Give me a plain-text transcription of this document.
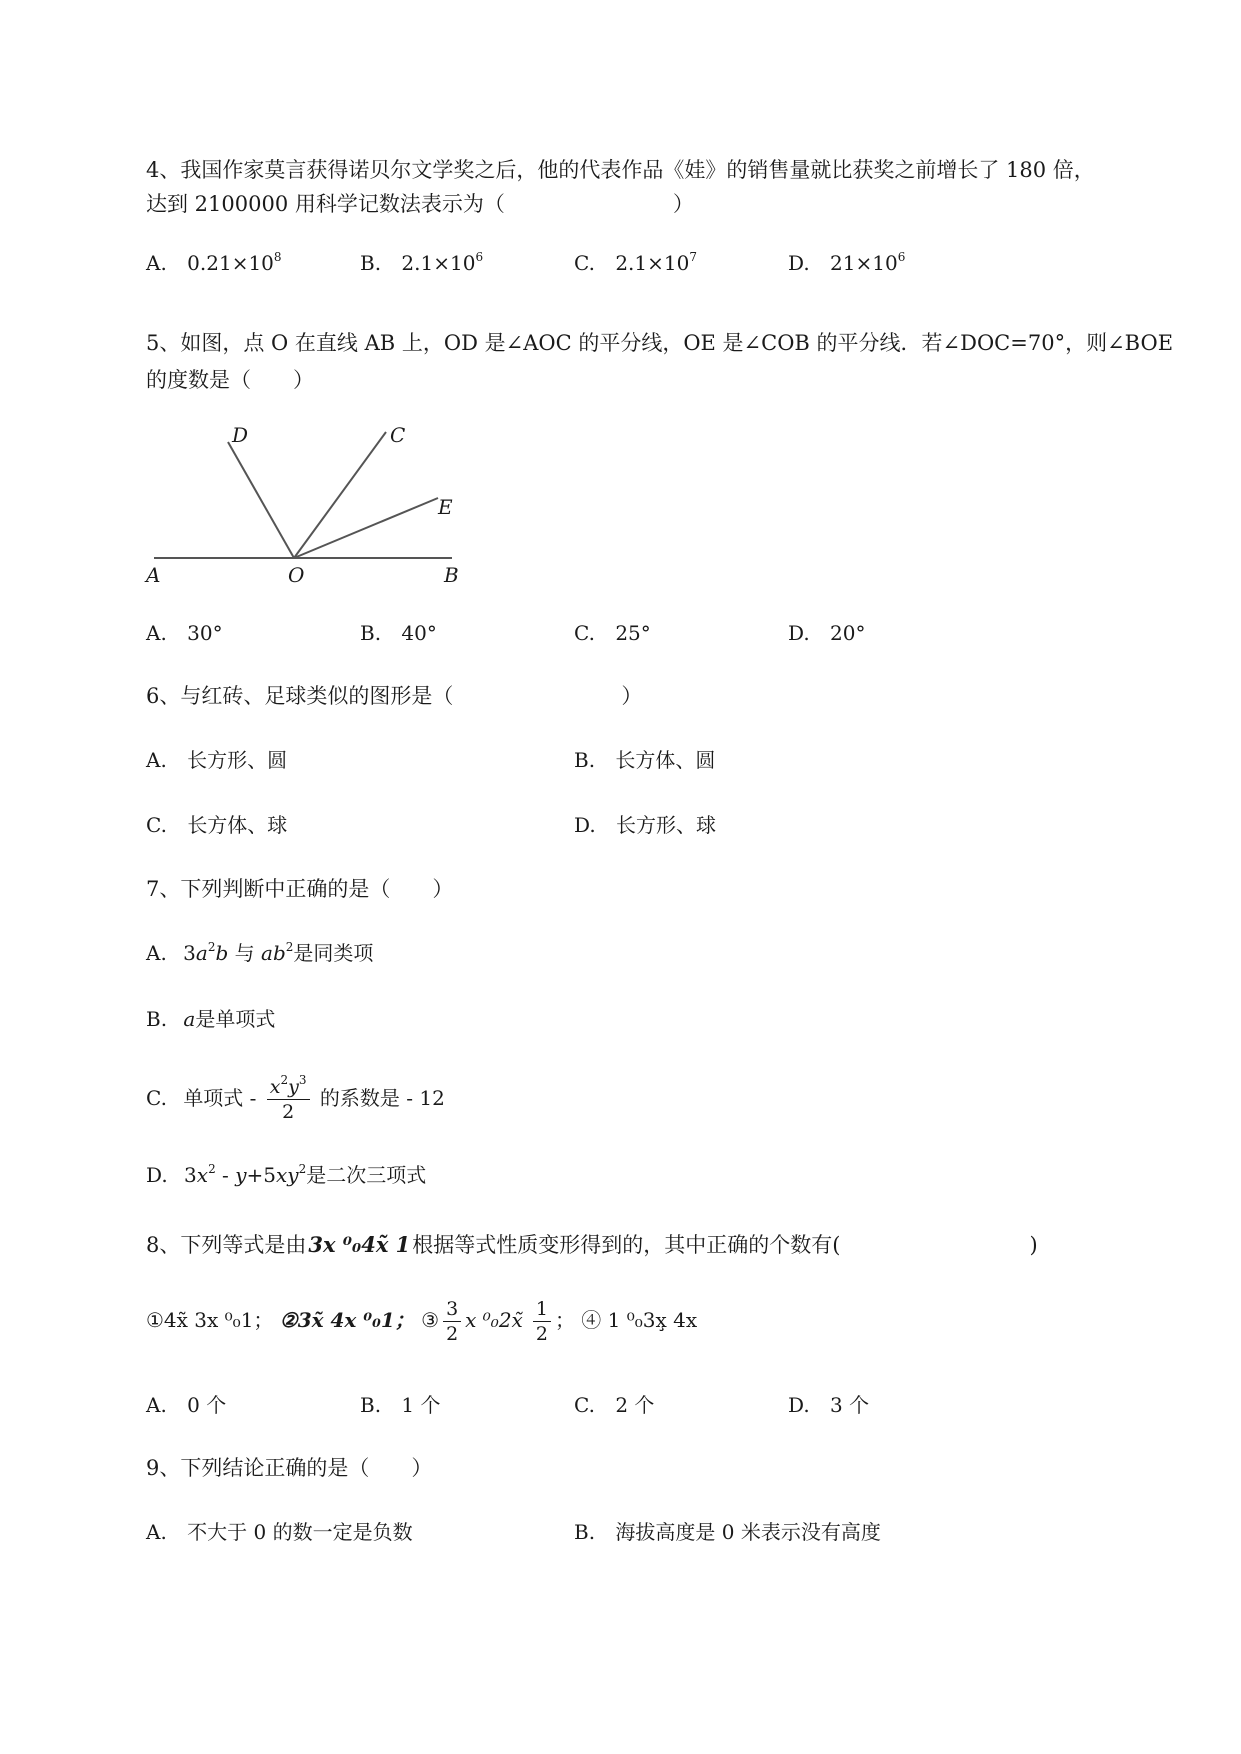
4、我国作家莫言获得诺贝尔文学奖之后，他的代表作品《娃》的销售量就比获奖之前增长了 180 倍，
达到 2100000 用科学记数法表示为（　　　　　　　　）
A. $0.21\times 10^8$	B. $2.1\times 10^6$	C. $2.1\times 10^7$	D. $21\times 10^6$
5、如图，点 O 在直线 AB 上，OD 是∠AOC 的平分线，OE 是∠COB 的平分线．若∠DOC=70°，则∠BOE
的度数是（　　）
D	C
E
A	O	B
A. 30°	B. 40°	C. 25°	D. 20°
6、与红砖、足球类似的图形是（　　　　　　　　）
A. 长方形、圆	B. 长方体、圆
C. 长方体、球	D. 长方形、球
7、下列判断中正确的是（　　）
A. $3a^2b$ 与 $ab^2$是同类项
B. a是单项式
C. 单项式 - $\frac{x^2y^3}{2}$ 的系数是 - 12
D. $3x^2 - y+5xy^2$是二次三项式
8、下列等式是由3x ⁰₀4x̃ 1根据等式性质变形得到的，其中正确的个数有(　　　　　　　　　)
①4x̃ 3x ⁰₀1； ②3x̃ 4x ⁰₀1； ③ $\frac{3}{2}$ x ⁰₀2x̃ $\frac{1}{2}$ ； ④ 1 ⁰₀3x̧ 4x
A. 0 个	B. 1 个	C. 2 个	D. 3 个
9、下列结论正确的是（　　）
A. 不大于 0 的数一定是负数	B. 海拔高度是 0 米表示没有高度
